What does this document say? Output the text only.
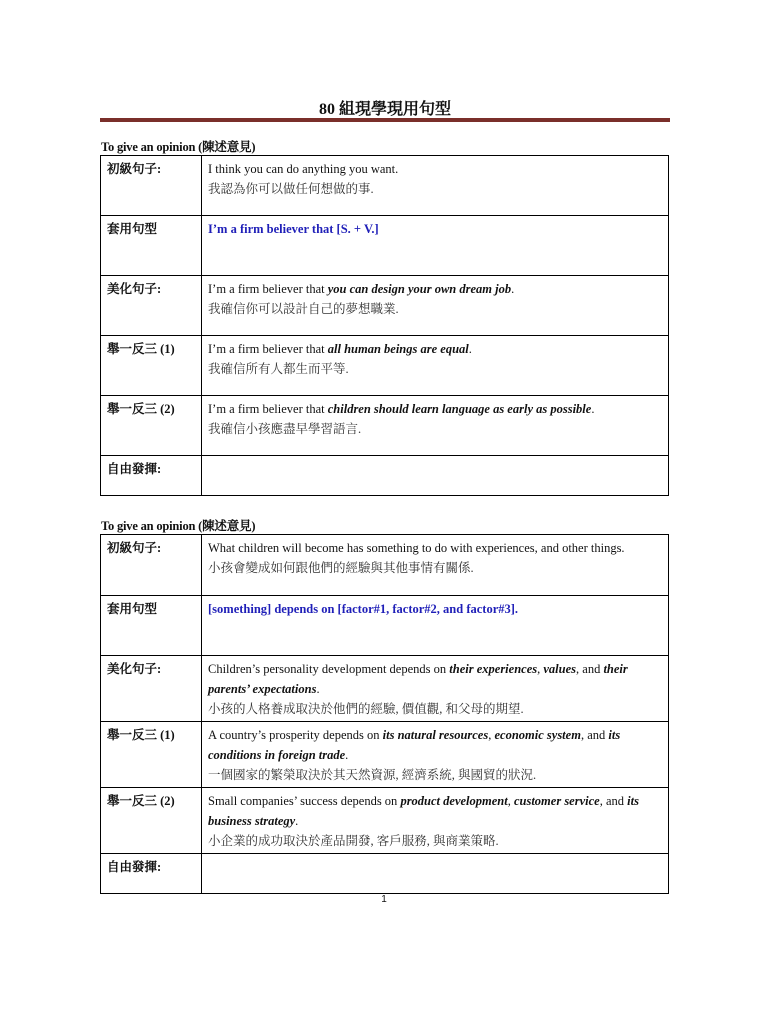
80 組現學現用句型
To give an opinion (陳述意見)
初級句子:	I think you can do anything you want.
我認為你可以做任何想做的事.

套用句型	I’m a firm believer that [S. + V.]

美化句子:	I’m a firm believer that you can design your own dream job.
我確信你可以設計自己的夢想職業.

舉一反三 (1)	I’m a firm believer that all human beings are equal.
我確信所有人都生而平等.

舉一反三 (2)	I’m a firm believer that children should learn language as early as possible.
我確信小孩應盡早學習語言.

自由發揮:	
To give an opinion (陳述意見)
初級句子:	What children will become has something to do with experiences, and other things.
小孩會變成如何跟他們的經驗與其他事情有關係.

套用句型	[something] depends on [factor#1, factor#2, and factor#3].

美化句子:	Children’s personality development depends on their experiences, values, and their parents’ expectations.
小孩的人格養成取決於他們的經驗, 價值觀, 和父母的期望.

舉一反三 (1)	A country’s prosperity depends on its natural resources, economic system, and its conditions in foreign trade.
一個國家的繁榮取決於其天然資源, 經濟系統, 與國貿的狀況.

舉一反三 (2)	Small companies’ success depends on product development, customer service, and its business strategy.
小企業的成功取決於產品開發, 客戶服務, 與商業策略.

自由發揮:	
1
